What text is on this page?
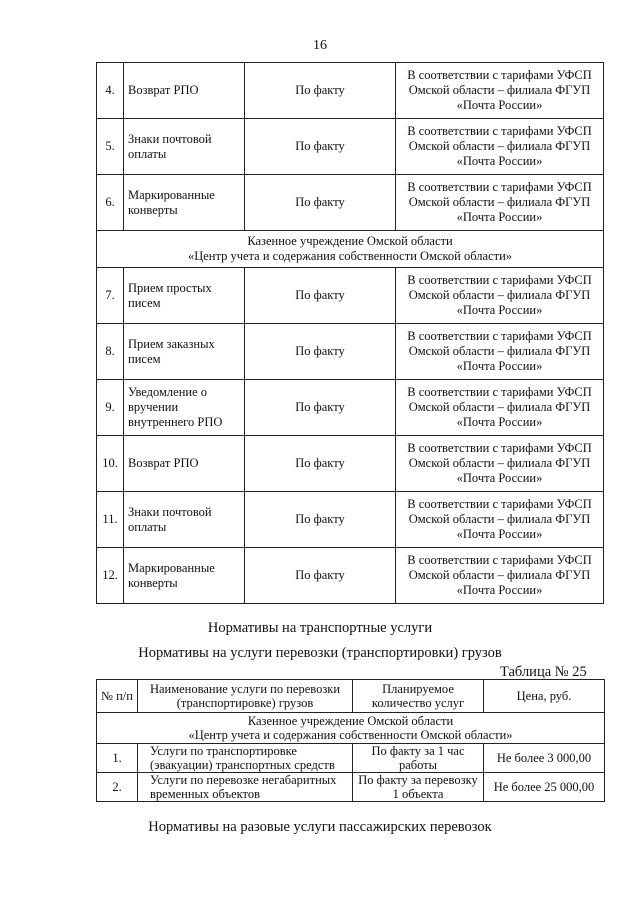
16
4.	Возврат РПО	По факту	В соответствии с тарифами УФСП Омской области – филиала ФГУП «Почта России»
5.	Знаки почтовой оплаты	По факту	В соответствии с тарифами УФСП Омской области – филиала ФГУП «Почта России»
6.	Маркированные конверты	По факту	В соответствии с тарифами УФСП Омской области – филиала ФГУП «Почта России»

Казенное учреждение Омской области
«Центр учета и содержания собственности Омской области»			

7.	Прием простых писем	По факту	В соответствии с тарифами УФСП Омской области – филиала ФГУП «Почта России»
8.	Прием заказных писем	По факту	В соответствии с тарифами УФСП Омской области – филиала ФГУП «Почта России»
9.	Уведомление о вручении внутреннего РПО	По факту	В соответствии с тарифами УФСП Омской области – филиала ФГУП «Почта России»
10.	Возврат РПО	По факту	В соответствии с тарифами УФСП Омской области – филиала ФГУП «Почта России»
11.	Знаки почтовой оплаты	По факту	В соответствии с тарифами УФСП Омской области – филиала ФГУП «Почта России»
12.	Маркированные конверты	По факту	В соответствии с тарифами УФСП Омской области – филиала ФГУП «Почта России»
Нормативы на транспортные услуги
Нормативы на услуги перевозки (транспортировки) грузов
Таблица № 25
№ п/п	Наименование услуги по перевозки (транспортировке) грузов	Планируемое количество услуг	Цена, руб.

Казенное учреждение Омской области
«Центр учета и содержания собственности Омской области»			

1.	Услуги по транспортировке (эвакуации) транспортных средств	По факту за 1 час работы	Не более 3 000,00
2.	Услуги по перевозке негабаритных временных объектов	По факту за перевозку 1 объекта	Не более 25 000,00
Нормативы на разовые услуги пассажирских перевозок
